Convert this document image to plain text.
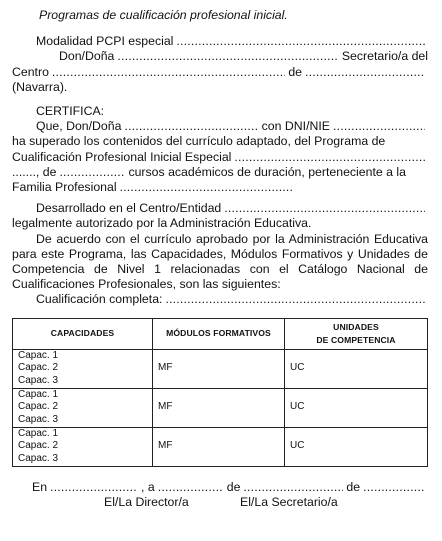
Programas de cualificación profesional inicial.
Modalidad PCPI especial
.....
Don/Doña .....	Secretario/a del
Centro .....	de
.....
(Navarra).
CERTIFICA:
Que, Don/Doña .....	con DNI/NIE
.....
ha superado los contenidos del currículo adaptado, del Programa de
Cualificación Profesional Inicial Especial
.....
......., de .....	cursos académicos de duración, perteneciente a la
Familia Profesional
.....
Desarrollado en el Centro/Entidad
.....
legalmente autorizado por la Administración Educativa.
De acuerdo con el currículo aprobado por la Administración Educativa para este Programa, las Capacidades, Módulos Formativos y Unidades de Competencia de Nivel 1 relacionadas con el Catálogo Nacional de Cualificaciones Profesionales, son las siguientes:
Cualificación completa:
.....
CAPACIDADES	MÓDULOS FORMATIVOS	UNIDADES
DE COMPETENCIA

Capac. 1
Capac. 2
Capac. 3	MF	UC

Capac. 1
Capac. 2
Capac. 3	MF	UC

Capac. 1
Capac. 2
Capac. 3	MF	UC
En .....	, a .....	de .....	de
.....
El/La Director/a	El/La Secretario/a
